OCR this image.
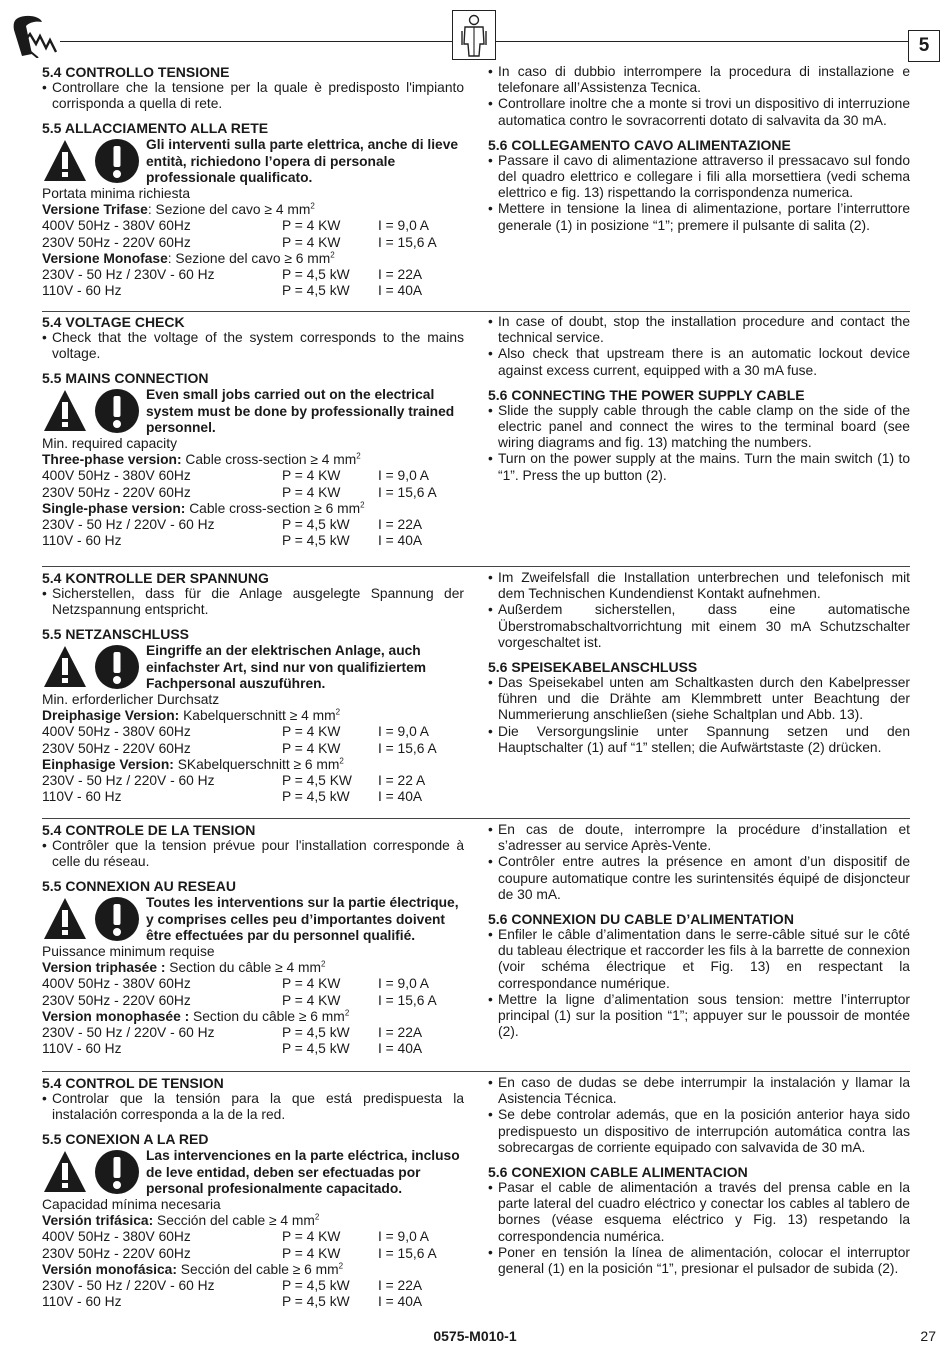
5
5.4 CONTROLLO TENSIONE
• Controllare che la tensione per la quale è predisposto l'impianto corrisponda a quella di rete.
5.5 ALLACCIAMENTO ALLA RETE
Gli interventi sulla parte elettrica, anche di lieve entità, richiedono l’opera di personale professionale qualificato.
Portata minima richiesta
Versione Trifase: Sezione del cavo ≥ 4 $mm^2$
400V 50Hz - 380V 60Hz	P = 4 KW	I = 9,0 A
230V 50Hz - 220V 60Hz	P = 4 KW	I = 15,6 A
Versione Monofase: Sezione del cavo ≥ 6 $mm^2$
230V - 50 Hz / 230V - 60 Hz	P = 4,5 kW	I = 22A
110V - 60 Hz	P = 4,5 kW	I = 40A
• In caso di dubbio interrompere la procedura di installazione e telefonare all’Assistenza Tecnica.
• Controllare inoltre che a monte si trovi un dispositivo di interruzione automatica contro le sovracorrenti dotato di salvavita da 30 mA.
5.6 COLLEGAMENTO CAVO ALIMENTAZIONE
• Passare il cavo di alimentazione attraverso il pressacavo sul fondo del quadro elettrico e collegare i fili alla morsettiera (vedi schema elettrico e fig. 13) rispettando la corrispondenza numerica.
• Mettere in tensione la linea di alimentazione, portare l’interruttore generale (1) in posizione “1”; premere il pulsante di salita (2).
5.4 VOLTAGE CHECK
• Check that the voltage of the system corresponds to the mains voltage.
5.5 MAINS CONNECTION
Even small jobs carried out on the electrical system must be done by professionally trained personnel.
Min. required capacity
Three-phase version: Cable cross-section ≥ 4 $mm^2$
400V 50Hz - 380V 60Hz	P = 4 KW	I = 9,0 A
230V 50Hz - 220V 60Hz	P = 4 KW	I = 15,6 A
Single-phase version: Cable cross-section ≥ 6 $mm^2$
230V - 50 Hz / 220V - 60 Hz	P = 4,5 kW	I = 22A
110V - 60 Hz	P = 4,5 kW	I = 40A
• In case of doubt, stop the installation procedure and contact the technical service.
• Also check that upstream there is an automatic lockout device against excess current, equipped with a 30 mA fuse.
5.6 CONNECTING THE POWER SUPPLY CABLE
• Slide the supply cable through the cable clamp on the side of the electric panel and connect the wires to the terminal board (see wiring diagrams and fig. 13) matching the numbers.
• Turn on the power supply at the mains. Turn the main switch (1) to “1”. Press the up button (2).
5.4 KONTROLLE DER SPANNUNG
• Sicherstellen, dass für die Anlage ausgelegte Spannung der Netzspannung entspricht.
5.5 NETZANSCHLUSS
Eingriffe an der elektrischen Anlage, auch einfachster Art, sind nur von qualifiziertem Fachpersonal auszuführen.
Min. erforderlicher Durchsatz
Dreiphasige Version: Kabelquerschnitt ≥ 4 $mm^2$
400V 50Hz - 380V 60Hz	P = 4 KW	I = 9,0 A
230V 50Hz - 220V 60Hz	P = 4 KW	I = 15,6 A
Einphasige Version: SKabelquerschnitt ≥ 6 $mm^2$
230V - 50 Hz / 220V - 60 Hz	P = 4,5 KW	I = 22 A
110V - 60 Hz	P = 4,5 kW	I = 40A
• Im Zweifelsfall die Installation unterbrechen und telefonisch mit dem Technischen Kundendienst Kontakt aufnehmen.
• Außerdem sicherstellen, dass eine automatische Überstromabschaltvorrichtung mit einem 30 mA Schutzschalter vorgeschaltet ist.
5.6 SPEISEKABELANSCHLUSS
• Das Speisekabel unten am Schaltkasten durch den Kabelpresser führen und die Drähte am Klemmbrett unter Beachtung der Nummerierung anschließen (siehe Schaltplan und Abb. 13).
• Die Versorgungslinie unter Spannung setzen und den Hauptschalter (1) auf “1” stellen; die Aufwärtstaste (2) drücken.
5.4 CONTROLE DE LA TENSION
• Contrôler que la tension prévue pour l'installation corresponde à celle du réseau.
5.5 CONNEXION AU RESEAU
Toutes les interventions sur la partie électrique, y comprises celles peu d’importantes doivent être effectuées par du personnel qualifié.
Puissance minimum requise
Version triphasée : Section du câble ≥ 4 $mm^2$
400V 50Hz - 380V 60Hz	P = 4 KW	I = 9,0 A
230V 50Hz - 220V 60Hz	P = 4 KW	I = 15,6 A
Version monophasée : Section du câble ≥ 6 $mm^2$
230V - 50 Hz / 220V - 60 Hz	P = 4,5 kW	I = 22A
110V - 60 Hz	P = 4,5 kW	I = 40A
• En cas de doute, interrompre la procédure d’installation et s’adresser au service Après-Vente.
• Contrôler entre autres la présence en amont d’un dispositif de coupure automatique contre les surintensités équipé de disjoncteur de 30 mA.
5.6 CONNEXION DU CABLE D’ALIMENTATION
• Enfiler le câble d’alimentation dans le serre-câble situé sur le côté du tableau électrique et raccorder les fils à la barrette de connexion (voir schéma électrique et Fig. 13) en respectant la correspondance numérique.
• Mettre la ligne d’alimentation sous tension: mettre l’interruptor principal (1) sur la position “1”; appuyer sur le poussoir de montée (2).
5.4 CONTROL DE TENSION
• Controlar que la tensión para la que está predispuesta la instalación corresponda a la de la red.
5.5 CONEXION A LA RED
Las intervenciones en la parte eléctrica, incluso de leve entidad, deben ser efectuadas por personal profesionalmente capacitado.
Capacidad mínima necesaria
Versión trifásica: Sección del cable ≥ 4 $mm^2$
400V 50Hz - 380V 60Hz	P = 4 KW	I = 9,0 A
230V 50Hz - 220V 60Hz	P = 4 KW	I = 15,6 A
Versión monofásica: Sección del cable ≥ 6 $mm^2$
230V - 50 Hz / 220V - 60 Hz	P = 4,5 kW	I = 22A
110V - 60 Hz	P = 4,5 kW	I = 40A
• En caso de dudas se debe interrumpir la instalación y llamar la Asistencia Técnica.
• Se debe controlar además, que en la posición anterior haya sido predispuesto un dispositivo de interrupción automática contra las sobrecargas de corriente equipado con salvavida de 30 mA.
5.6 CONEXION CABLE ALIMENTACION
• Pasar el cable de alimentación a través del prensa cable en la parte lateral del cuadro eléctrico y conectar los cables al tablero de bornes (véase esquema eléctrico y Fig. 13) respetando la correspondencia numérica.
• Poner en tensión la línea de alimentación, colocar el interruptor general (1) en la posición “1”, presionar el pulsador de subida (2).
0575-M010-1	27
